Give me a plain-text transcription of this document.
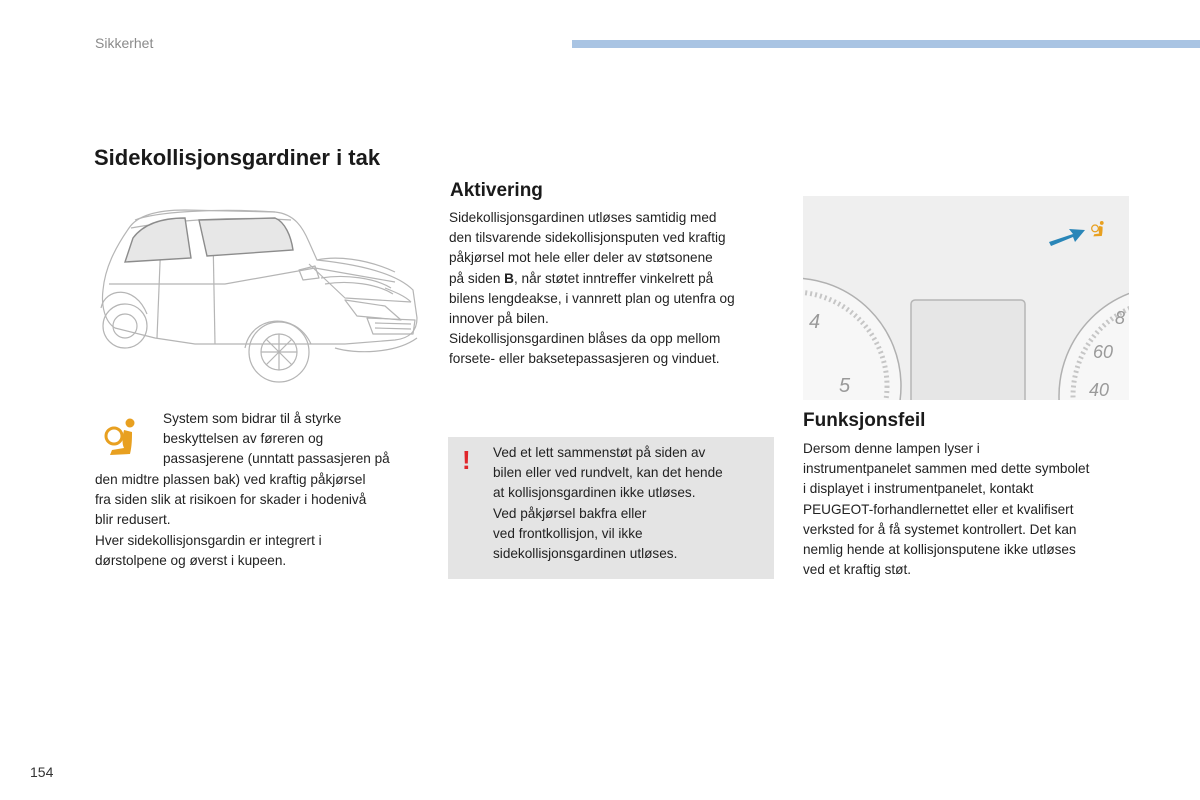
Sikkerhet
Sidekollisjonsgardiner i tak
System som bidrar til å styrke
beskyttelsen av føreren og
passasjerene (unntatt passasjeren på
den midtre plassen bak) ved kraftig påkjørsel
fra siden slik at risikoen for skader i hodenivå
blir redusert.
Hver sidekollisjonsgardin er integrert i
dørstolpene og øverst i kupeen.
Aktivering
Sidekollisjonsgardinen utløses samtidig med
den tilsvarende sidekollisjonsputen ved kraftig
påkjørsel mot hele eller deler av støtsonene
på siden B, når støtet inntreffer vinkelrett på
bilens lengdeakse, i vannrett plan og utenfra og
innover på bilen.
Sidekollisjonsgardinen blåses da opp mellom
forsete- eller baksetepassasjeren og vinduet.
! Ved et lett sammenstøt på siden av
bilen eller ved rundvelt, kan det hende
at kollisjonsgardinen ikke utløses.
Ved påkjørsel bakfra eller
ved frontkollisjon, vil ikke
sidekollisjonsgardinen utløses.
4
5
8
60
40
Funksjonsfeil
Dersom denne lampen lyser i
instrumentpanelet sammen med dette symbolet
i displayet i instrumentpanelet, kontakt
PEUGEOT-forhandlernettet eller et kvalifisert
verksted for å få systemet kontrollert. Det kan
nemlig hende at kollisjonsputene ikke utløses
ved et kraftig støt.
154
